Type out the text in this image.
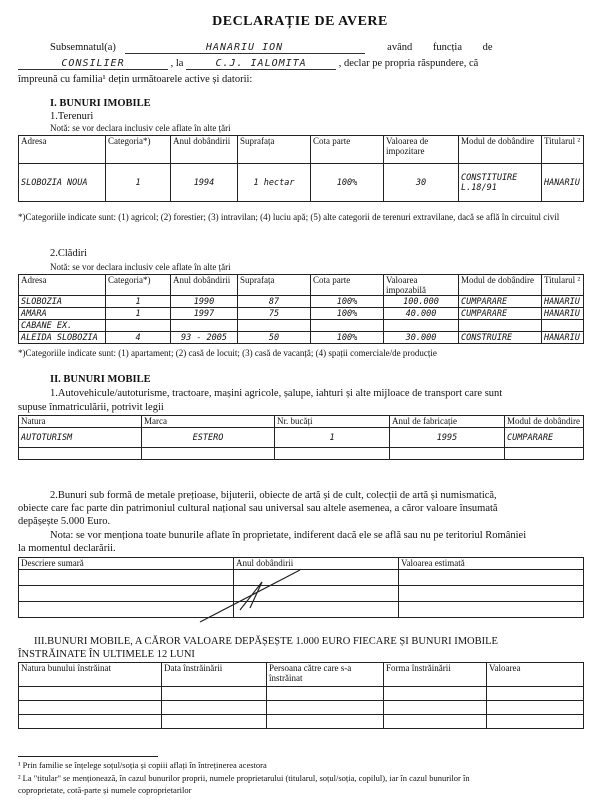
DECLARAȚIE DE AVERE
Subsemnatul(a)	HANARIU ION	având funcția de
CONSILIER	, la	C.J. IALOMITA	, declar pe propria răspundere, că
împreună cu familia¹ dețin următoarele active și datorii:
I. BUNURI IMOBILE
1.Terenuri
Notă: se vor declara inclusiv cele aflate în alte țări
Adresa	Categoria*)	Anul dobândirii	Suprafața	Cota parte	Valoarea de impozitare	Modul de dobândire	Titularul ²
SLOBOZIA NOUA	1	1994	1 hectar	100%	30	CONSTITUIRE L.18/91	HANARIU
*)Categoriile indicate sunt: (1) agricol; (2) forestier; (3) intravilan; (4) luciu apă; (5) alte categorii de terenuri extravilane, dacă se află în circuitul civil
2.Clădiri
Notă: se vor declara inclusiv cele aflate în alte țări
Adresa	Categoria*)	Anul dobândirii	Suprafața	Cota parte	Valoarea impozabilă	Modul de dobândire	Titularul ²
SLOBOZIA	1	1990	87	100%	100.000	CUMPARARE	HANARIU
AMARA	1	1997	75	100%	40.000	CUMPARARE	HANARIU
CABANE EX.							
ALEIDA SLOBOZIA	4	93 - 2005	50	100%	30.000	CONSTRUIRE	HANARIU
*)Categoriile indicate sunt: (1) apartament; (2) casă de locuit; (3) casă de vacanță; (4) spații comerciale/de producție
II. BUNURI MOBILE
1.Autovehicule/autoturisme, tractoare, mașini agricole, șalupe, iahturi și alte mijloace de transport care sunt
supuse înmatriculării, potrivit legii
Natura	Marca	Nr. bucăți	Anul de fabricație	Modul de dobândire
AUTOTURISM	ESTERO	1	1995	CUMPARARE

2.Bunuri sub formă de metale prețioase, bijuterii, obiecte de artă și de cult, colecții de artă și numismatică,
obiecte care fac parte din patrimoniul cultural național sau universal sau altele asemenea, a căror valoare însumată
depășește 5.000 Euro.
Nota: se vor menționa toate bunurile aflate în proprietate, indiferent dacă ele se află sau nu pe teritoriul României
la momentul declarării.
Descriere sumară	Anul dobândirii	Valoarea estimată

III.BUNURI MOBILE, A CĂROR VALOARE DEPĂȘEȘTE 1.000 EURO FIECARE ȘI BUNURI IMOBILE
ÎNSTRĂINATE ÎN ULTIMELE 12 LUNI
Natura bunului înstrăinat	Data înstrăinării	Persoana către care s-a înstrăinat	Forma înstrăinării	Valoarea

¹ Prin familie se înțelege soțul/soția și copiii aflați în întreținerea acestora
² La "titular" se menționează, în cazul bunurilor proprii, numele proprietarului (titularul, soțul/soția, copilul), iar în cazul bunurilor în
coproprietate, cotă-parte și numele coproprietarilor
